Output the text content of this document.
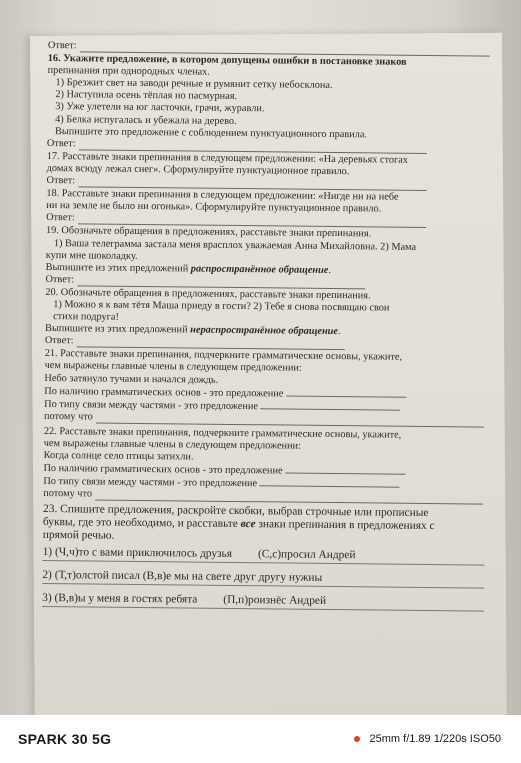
Ответ:

16. Укажите предложение, в котором допущены ошибки в постановке знаков

препинания при однородных членах.

1) Брезжит свет на заводи речные и румянит сетку небосклона.

2) Наступила осень тёплая но пасмурная.

3) Уже улетели на юг ласточки, грачи, журавли.

4) Белка испугалась и убежала на дерево.

Выпишите это предложение с соблюдением пунктуационного правила.

Ответ:

17. Расставьте знаки препинания в следующем предложении: «На деревьях стогах

домах всюду лежал снег». Сформулируйте пунктуационное правило.

Ответ:

18. Расставьте знаки препинания в следующем предложении: «Нигде ни на небе

ни на земле не было ни огонька». Сформулируйте пунктуационное правило.

Ответ:

19. Обозначьте обращения в предложениях, расставьте знаки препинания.

1) Ваша телеграмма застала меня врасплох уважаемая Анна Михайловна. 2) Мама

купи мне шоколадку.

Выпишите из этих предложений распространённое обращение.

Ответ:

20. Обозначьте обращения в предложениях, расставьте знаки препинания.

1) Можно я к вам тётя Маша приеду в гости? 2) Тебе я снова посвящаю свои

стихи подруга!

Выпишите из этих предложений нераспространённое обращение.

Ответ:

21. Расставьте знаки препинания, подчеркните грамматические основы, укажите,

чем выражены главные члены в следующем предложении:

Небо затянуло тучами и начался дождь.

По наличию грамматических основ - это предложение

По типу связи между частями - это предложение

потому что

22. Расставьте знаки препинания, подчеркните грамматические основы, укажите,

чем выражены главные члены в следующем предложении:

Когда солнце село птицы затихли.

По наличию грамматических основ - это предложение

По типу связи между частями - это предложение

потому что

23. Спишите предложения, раскройте скобки, выбрав строчные или прописные

буквы, где это необходимо, и расставьте все знаки препинания в предложениях с

прямой речью.

1) (Ч,ч)то с вами приключилось друзья (С,с)просил Андрей
2) (Т,т)олстой писал (В,в)е мы на свете друг другу нужны
3) (В,в)ы у меня в гостях ребята (П,п)роизнёс Андрей
SPARK 30 5G	25mm f/1.89 1/220s ISO50
